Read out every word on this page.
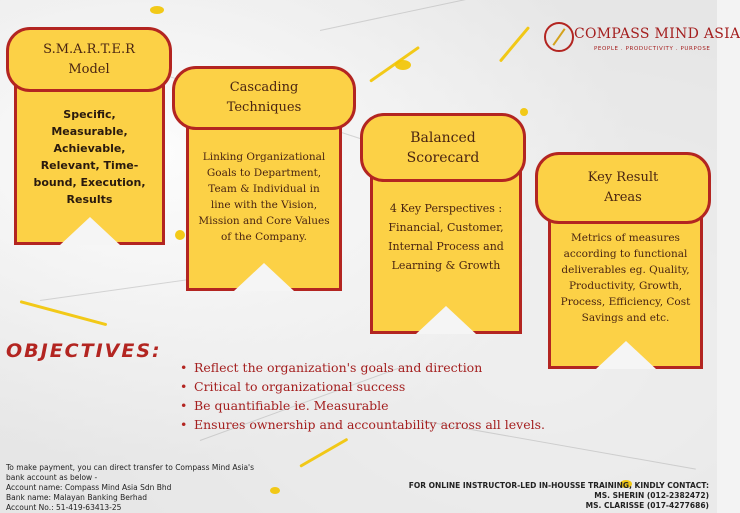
COMPASS MIND ASIA
PEOPLE . PRODUCTIVITY . PURPOSE
Specific, Measurable, Achievable, Relevant, Time-bound, Execution, Results
S.M.A.R.T.E.R Model
Linking Organizational Goals to Department, Team & Individual in line with the Vision, Mission and Core Values of the Company.
Cascading Techniques
4 Key Perspectives : Financial, Customer, Internal Process and Learning & Growth
Balanced Scorecard
Metrics of measures according to functional deliverables eg. Quality, Productivity, Growth, Process, Efficiency, Cost Savings and etc.
Key Result Areas
OBJECTIVES:
• Reflect the organization's goals and direction
• Critical to organizational success
• Be quantifiable ie. Measurable
• Ensures ownership and accountability across all levels.
To make payment, you can direct transfer to Compass Mind Asia's
bank account as below -
Account name: Compass Mind Asia Sdn Bhd
Bank name: Malayan Banking Berhad
Account No.: 51-419-63413-25
FOR ONLINE INSTRUCTOR-LED IN-HOUSSE TRAINING, KINDLY CONTACT:
MS. SHERIN (012-2382472)
MS. CLARISSE (017-4277686)
